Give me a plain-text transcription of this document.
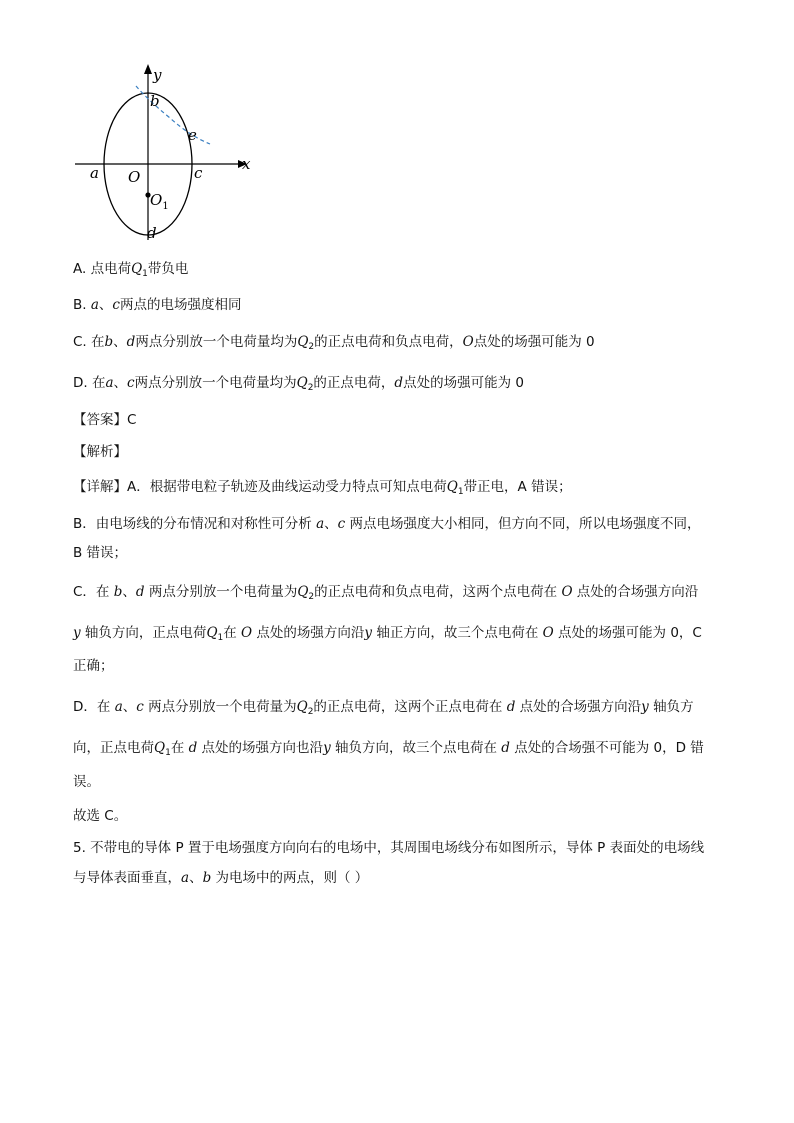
y
x
b
e
a O	c
$O_1$
d
A. 点电荷$Q_1$带负电
B. a、c两点的电场强度相同
C. 在b、d两点分别放一个电荷量均为$Q_2$的正点电荷和负点电荷，O点处的场强可能为 0
D. 在a、c两点分别放一个电荷量均为$Q_2$的正点电荷，d点处的场强可能为 0
【答案】C
【解析】
【详解】A．根据带电粒子轨迹及曲线运动受力特点可知点电荷$Q_1$带正电，A 错误；
B．由电场线的分布情况和对称性可分析 a、c 两点电场强度大小相同，但方向不同，所以电场强度不同，
B 错误；
C．在 b、d 两点分别放一个电荷量为$Q_2$的正点电荷和负点电荷，这两个点电荷在 O 点处的合场强方向沿
y 轴负方向，正点电荷$Q_1$在 O 点处的场强方向沿y 轴正方向，故三个点电荷在 O 点处的场强可能为 0，C
正确；
D．在 a、c 两点分别放一个电荷量为$Q_2$的正点电荷，这两个正点电荷在 d 点处的合场强方向沿y 轴负方
向，正点电荷$Q_1$在 d 点处的场强方向也沿y 轴负方向，故三个点电荷在 d 点处的合场强不可能为 0，D 错
误。
故选 C。
5. 不带电的导体 P 置于电场强度方向向右的电场中，其周围电场线分布如图所示，导体 P 表面处的电场线
与导体表面垂直，a、b 为电场中的两点，则（ ）
